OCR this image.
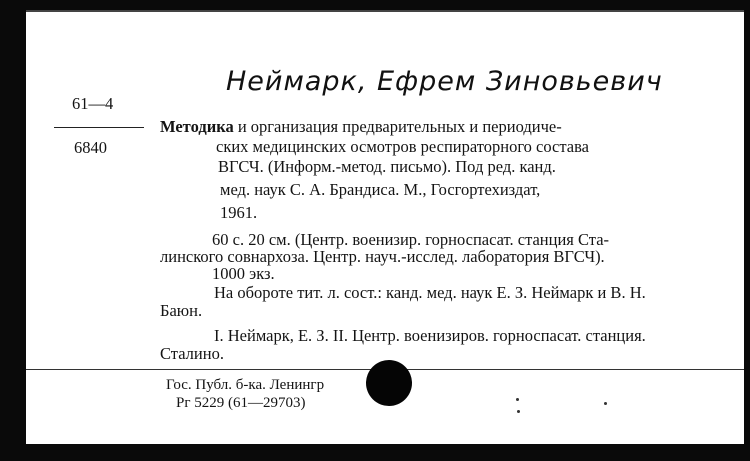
Неймарк, Ефрем Зиновьевич
61—4
6840
Методика и организация предварительных и периодиче-
ских медицинских осмотров респираторного состава
ВГСЧ. (Информ.-метод. письмо). Под ред. канд.
мед. наук С. А. Брандиса. М., Госгортехиздат,
1961.
60 с. 20 см. (Центр. военизир. горноспасат. станция Ста-
линского совнархоза. Центр. науч.-исслед. лаборатория ВГСЧ).
1000 экз.
На обороте тит. л. сост.: канд. мед. наук Е. З. Неймарк и В. Н.
Баюн.
I. Неймарк, Е. З. II. Центр. военизиров. горноспасат. станция.
Сталино.
Гос. Публ. б-ка. Ленингр
Рг 5229 (61—29703)
